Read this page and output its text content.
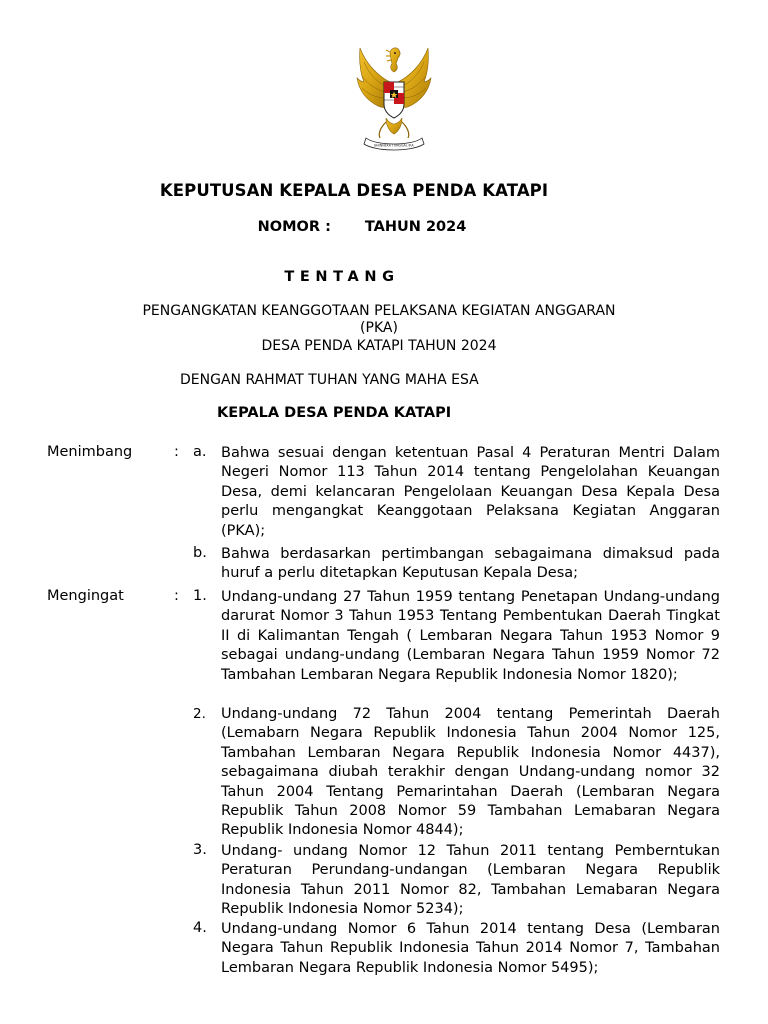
BHINNEKA TUNGGAL IKA
KEPUTUSAN KEPALA DESA PENDA KATAPI
NOMOR : TAHUN 2024
TENTANG
PENGANGKATAN KEANGGOTAAN PELAKSANA KEGIATAN ANGGARAN
(PKA)
DESA PENDA KATAPI TAHUN 2024
DENGAN RAHMAT TUHAN YANG MAHA ESA
KEPALA DESA PENDA KATAPI
Menimbang	: a. Bahwa sesuai dengan ketentuan Pasal 4 Peraturan Mentri Dalam Negeri Nomor 113 Tahun 2014 tentang Pengelolahan Keuangan Desa, demi kelancaran Pengelolaan Keuangan Desa Kepala Desa perlu mengangkat Keanggotaan Pelaksana Kegiatan Anggaran (PKA);
b. Bahwa berdasarkan pertimbangan sebagaimana dimaksud pada huruf a perlu ditetapkan Keputusan Kepala Desa;
Mengingat	: 1. Undang-undang 27 Tahun 1959 tentang Penetapan Undang-undang darurat Nomor 3 Tahun 1953 Tentang Pembentukan Daerah Tingkat II di Kalimantan Tengah ( Lembaran Negara Tahun 1953 Nomor 9 sebagai undang-undang (Lembaran Negara Tahun 1959 Nomor 72 Tambahan Lembaran Negara Republik Indonesia Nomor 1820);
2. Undang-undang 72 Tahun 2004 tentang Pemerintah Daerah (Lemabarn Negara Republik Indonesia Tahun 2004 Nomor 125, Tambahan Lembaran Negara Republik Indonesia Nomor 4437), sebagaimana diubah terakhir dengan Undang-undang nomor 32 Tahun 2004 Tentang Pemarintahan Daerah (Lembaran Negara Republik Tahun 2008 Nomor 59 Tambahan Lemabaran Negara Republik Indonesia Nomor 4844);
3. Undang- undang Nomor 12 Tahun 2011 tentang Pemberntukan Peraturan Perundang-undangan (Lembaran Negara Republik Indonesia Tahun 2011 Nomor 82, Tambahan Lemabaran Negara Republik Indonesia Nomor 5234);
4. Undang-undang Nomor 6 Tahun 2014 tentang Desa (Lembaran Negara Tahun Republik Indonesia Tahun 2014 Nomor 7, Tambahan Lembaran Negara Republik Indonesia Nomor 5495);
